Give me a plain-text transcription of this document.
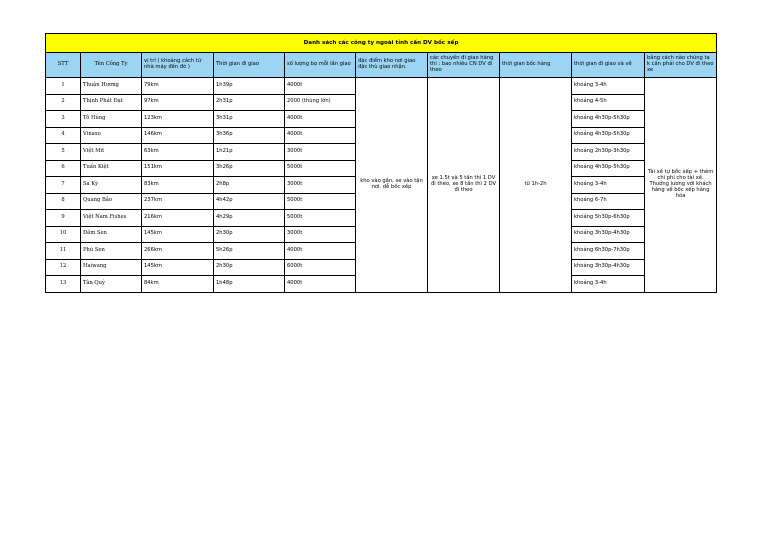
Danh sách các công ty ngoài tỉnh cần DV bốc xếp									
STT	Tên Công Ty	vị trí ( khoảng cách từ nhà máy đến đó )	Thời gian đi giao	số lượng bọ mỗi lần giao	đặc điểm kho nơi giao đặc thù giao nhận.	các chuyến đi giao hàng thì : bao nhiêu CN DV đi theo	thời gian bốc hàng	thời gian đi giao và về	bằng cách nào chúng ta k cần phải cho DV đi theo xe
1	Thuận Hương	79km	1h39p	4000t	kho vào gần, xe vào tận nơi. dễ bốc xếp	xe 1.5t và 5 tấn thì 1 DV đi theo, xe 8 tấn thì 2 DV đi theo	từ 1h-2h	khoảng 3-4h	Tài xế tự bốc xếp + thêm chi phí cho tài xế. Thưởng lương với khách hàng về bốc xếp hàng hóa
2	Thịnh Phát Đạt	97km	2h31p	2000 (thùng lớn)				khoảng 4-5h	
3	Tô Hùng	123km	3h31p	4000t				khoảng 4h30p-5h30p	
4	Vinaxo	146km	3h36p	4000t				khoảng 4h30p-5h30p	
5	Việt Mit	63km	1h21p	3000t				khoảng 2h30p-3h30p	
6	Tuấn Kiệt	151km	3h26p	5000t				khoảng 4h30p-5h30p	
7	Sa Kỳ	83km	2h8p	3000t				khoảng 3-4h	
8	Quang Bảo	237km	4h42p	5000t				khoảng 6-7h	
9	Việt Nam Fishes	216km	4h29p	5000t				khoảng 5h30p-6h30p	
10	Đầm Sen	145km	2h30p	3000t				khoảng 3h30p-4h30p	
11	Phú Sen	266km	5h26p	4000t				khoảng 6h30p-7h30p	
12	Haiwang	145km	2h30p	6000t				khoảng 3h30p-4h30p	
13	Tân Quý	84km	1h48p	4000t				khoảng 3-4h	
